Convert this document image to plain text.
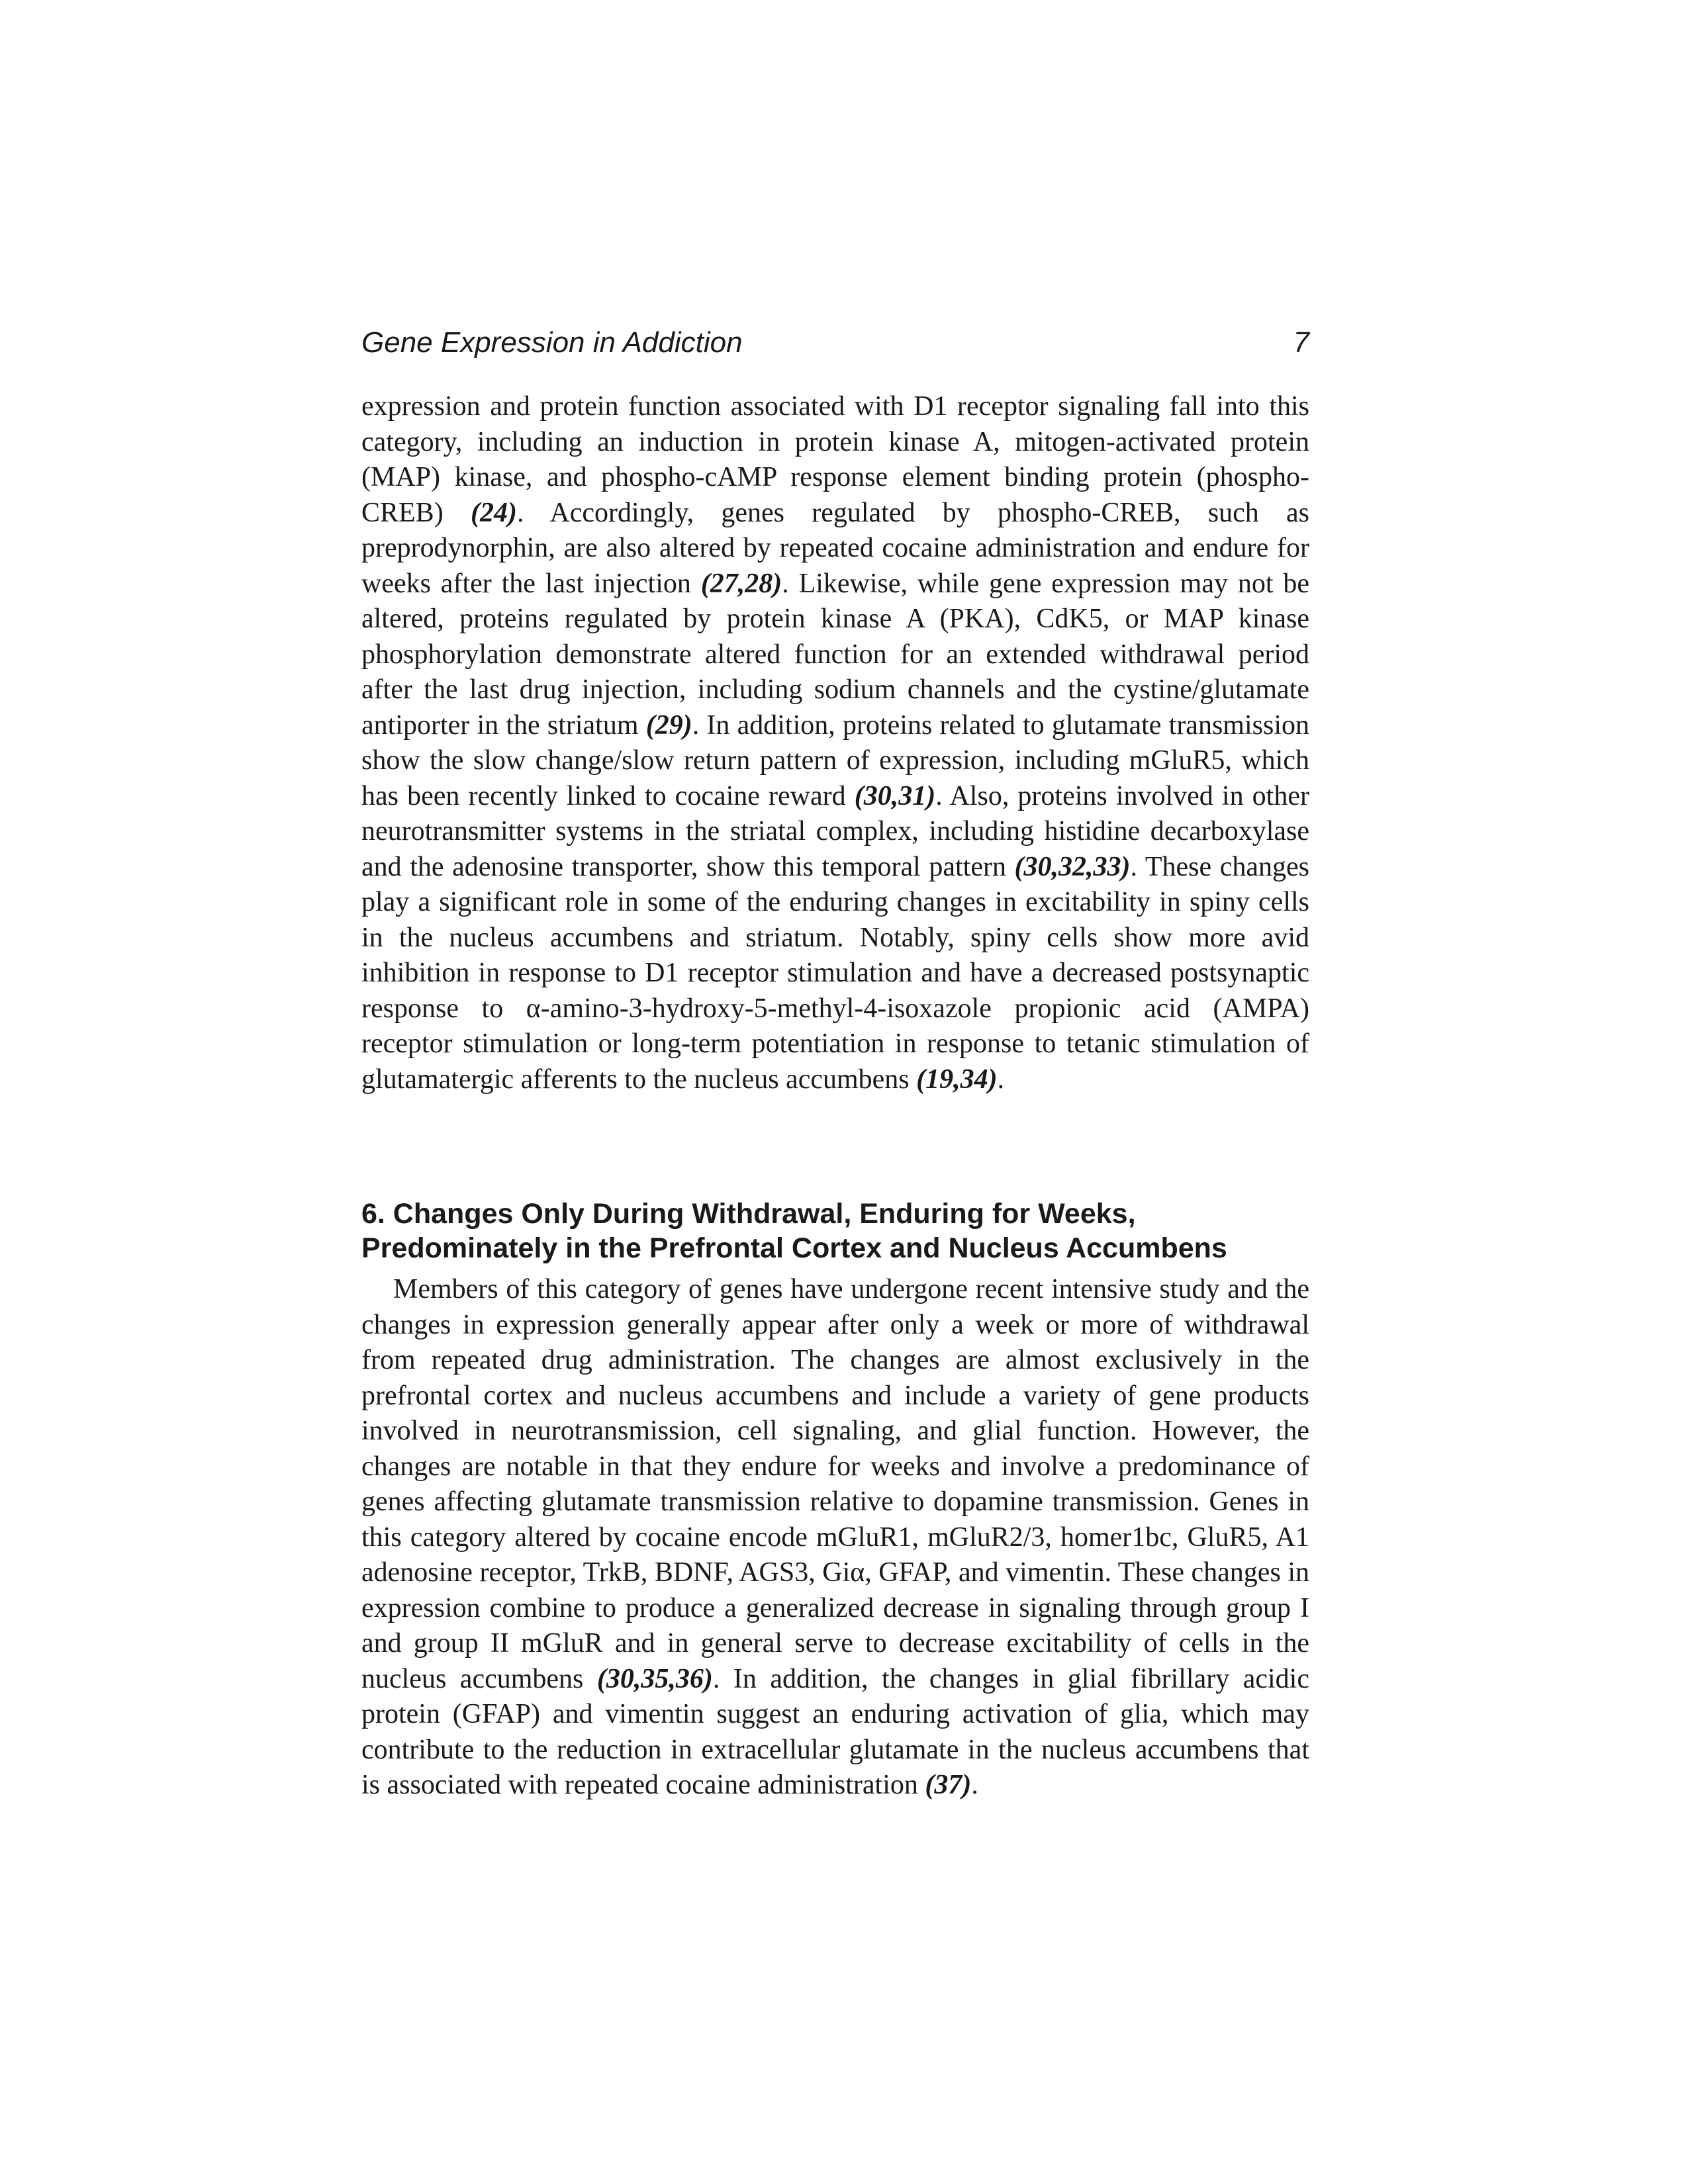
Gene Expression in Addiction	7

expression and protein function associated with D1 receptor signaling fall into this category, including an induction in protein kinase A, mitogen-activated protein (MAP) kinase, and phospho-cAMP response element binding protein (phospho-CREB) (24). Accordingly, genes regulated by phospho-CREB, such as preprodynorphin, are also altered by repeated cocaine administration and endure for weeks after the last injection (27,28). Likewise, while gene expression may not be altered, proteins regulated by protein kinase A (PKA), CdK5, or MAP kinase phosphorylation demonstrate altered function for an extended withdrawal period after the last drug injection, including sodium channels and the cystine/glutamate antiporter in the striatum (29). In addition, proteins related to glutamate transmission show the slow change/slow return pattern of expression, including mGluR5, which has been recently linked to cocaine reward (30,31). Also, proteins involved in other neurotransmitter systems in the striatal complex, including histidine decarboxylase and the adenosine transporter, show this temporal pattern (30,32,33). These changes play a significant role in some of the enduring changes in excitability in spiny cells in the nucleus accumbens and striatum. Notably, spiny cells show more avid inhibition in response to D1 receptor stimulation and have a decreased postsynaptic response to α-amino-3-hydroxy-5-methyl-4-isoxazole propionic acid (AMPA) receptor stimulation or long-term potentiation in response to tetanic stimulation of glutamatergic afferents to the nucleus accumbens (19,34).

6. Changes Only During Withdrawal, Enduring for Weeks,
Predominately in the Prefrontal Cortex and Nucleus Accumbens

Members of this category of genes have undergone recent intensive study and the changes in expression generally appear after only a week or more of withdrawal from repeated drug administration. The changes are almost exclusively in the prefrontal cortex and nucleus accumbens and include a variety of gene products involved in neurotransmission, cell signaling, and glial function. However, the changes are notable in that they endure for weeks and involve a predominance of genes affecting glutamate transmission relative to dopamine transmission. Genes in this category altered by cocaine encode mGluR1, mGluR2/3, homer1bc, GluR5, A1 adenosine receptor, TrkB, BDNF, AGS3, Giα, GFAP, and vimentin. These changes in expression combine to produce a generalized decrease in signaling through group I and group II mGluR and in general serve to decrease excitability of cells in the nucleus accumbens (30,35,36). In addition, the changes in glial fibrillary acidic protein (GFAP) and vimentin suggest an enduring activation of glia, which may contribute to the reduction in extracellular glutamate in the nucleus accumbens that is associated with repeated cocaine administration (37).
